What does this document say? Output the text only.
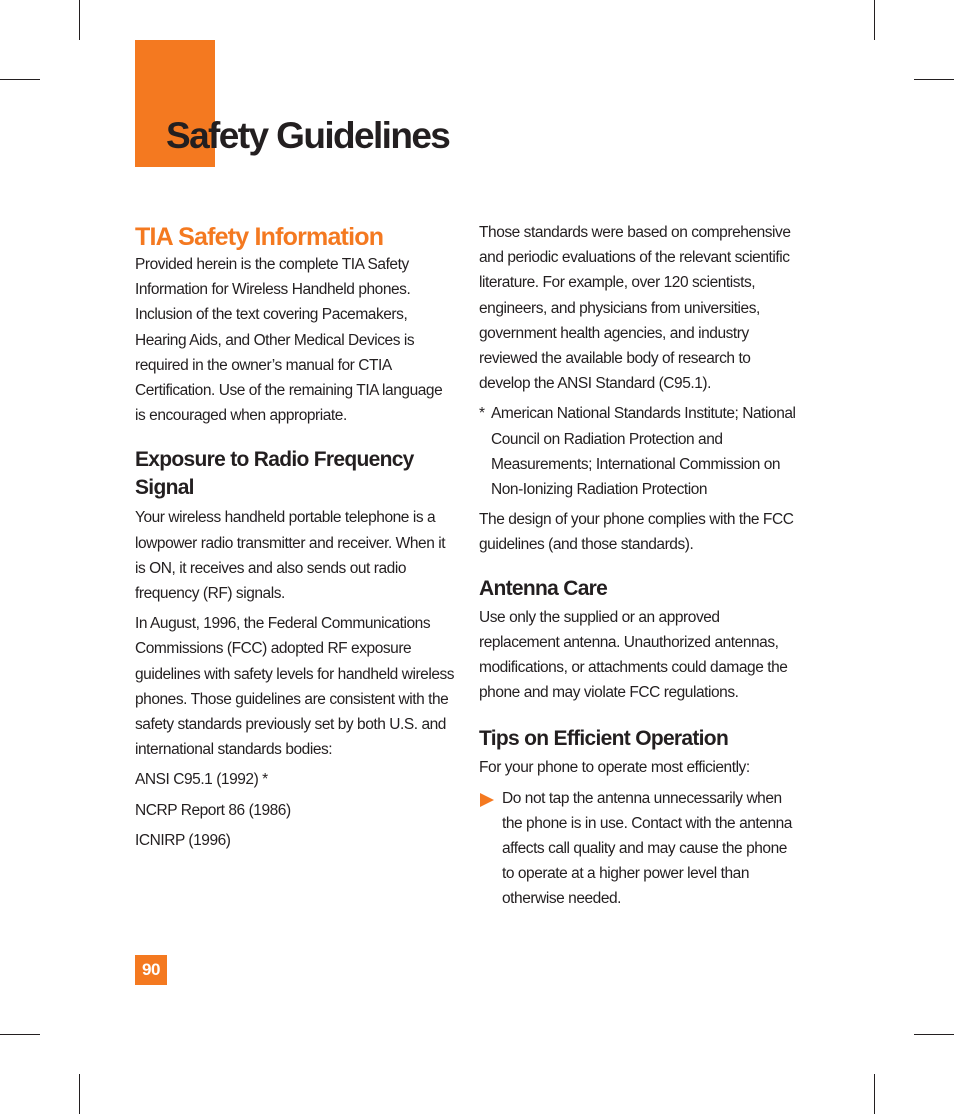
Safety Guidelines
TIA Safety Information

Provided herein is the complete TIA Safety Information for Wireless Handheld phones. Inclusion of the text covering Pacemakers, Hearing Aids, and Other Medical Devices is required in the owner’s manual for CTIA Certification. Use of the remaining TIA language is encouraged when appropriate.

Exposure to Radio Frequency Signal

Your wireless handheld portable telephone is a lowpower radio transmitter and receiver. When it is ON, it receives and also sends out radio frequency (RF) signals.

In August, 1996, the Federal Communications Commissions (FCC) adopted RF exposure guidelines with safety levels for handheld wireless phones. Those guidelines are consistent with the safety standards previously set by both U.S. and international standards bodies:

ANSI C95.1 (1992) *

NCRP Report 86 (1986)

ICNIRP (1996)

Those standards were based on comprehensive and periodic evaluations of the relevant scientific literature. For example, over 120 scientists, engineers, and physicians from universities, government health agencies, and industry reviewed the available body of research to develop the ANSI Standard (C95.1).

* American National Standards Institute; National Council on Radiation Protection and Measurements; International Commission on Non-Ionizing Radiation Protection

The design of your phone complies with the FCC guidelines (and those standards).

Antenna Care

Use only the supplied or an approved replacement antenna. Unauthorized antennas, modifications, or attachments could damage the phone and may violate FCC regulations.

Tips on Efficient Operation

For your phone to operate most efficiently:

Do not tap the antenna unnecessarily when the phone is in use. Contact with the antenna affects call quality and may cause the phone to operate at a higher power level than otherwise needed.
90
